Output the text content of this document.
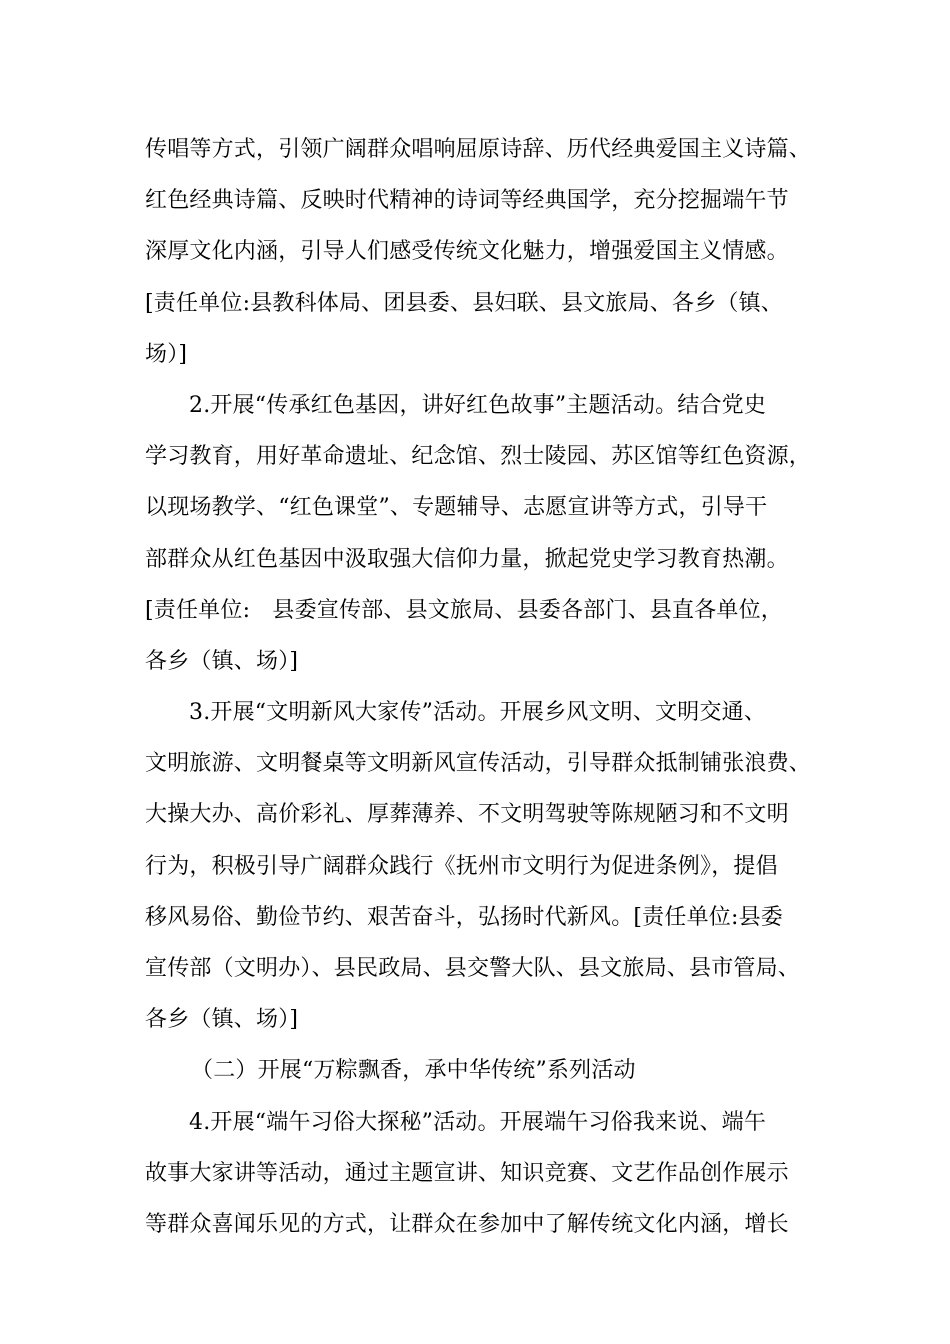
传唱等方式，引领广阔群众唱响屈原诗辞、历代经典爱国主义诗篇、
红色经典诗篇、反映时代精神的诗词等经典国学，充分挖掘端午节
深厚文化内涵，引导人们感受传统文化魅力，增强爱国主义情感。
[责任单位:县教科体局、团县委、县妇联、县文旅局、各乡（镇、
场）]
2.开展“传承红色基因，讲好红色故事”主题活动。结合党史
学习教育，用好革命遗址、纪念馆、烈士陵园、苏区馆等红色资源，
以现场教学、“红色课堂”、专题辅导、志愿宣讲等方式，引导干
部群众从红色基因中汲取强大信仰力量，掀起党史学习教育热潮。
[责任单位:　县委宣传部、县文旅局、县委各部门、县直各单位，
各乡（镇、场）]
3.开展“文明新风大家传”活动。开展乡风文明、文明交通、
文明旅游、文明餐桌等文明新风宣传活动，引导群众抵制铺张浪费、
大操大办、高价彩礼、厚葬薄养、不文明驾驶等陈规陋习和不文明
行为，积极引导广阔群众践行《抚州市文明行为促进条例》，提倡
移风易俗、勤俭节约、艰苦奋斗，弘扬时代新风。[责任单位:县委
宣传部（文明办）、县民政局、县交警大队、县文旅局、县市管局、
各乡（镇、场）]
（二）开展“万粽飘香，承中华传统”系列活动
4.开展“端午习俗大探秘”活动。开展端午习俗我来说、端午
故事大家讲等活动，通过主题宣讲、知识竞赛、文艺作品创作展示
等群众喜闻乐见的方式，让群众在参加中了解传统文化内涵，增长
